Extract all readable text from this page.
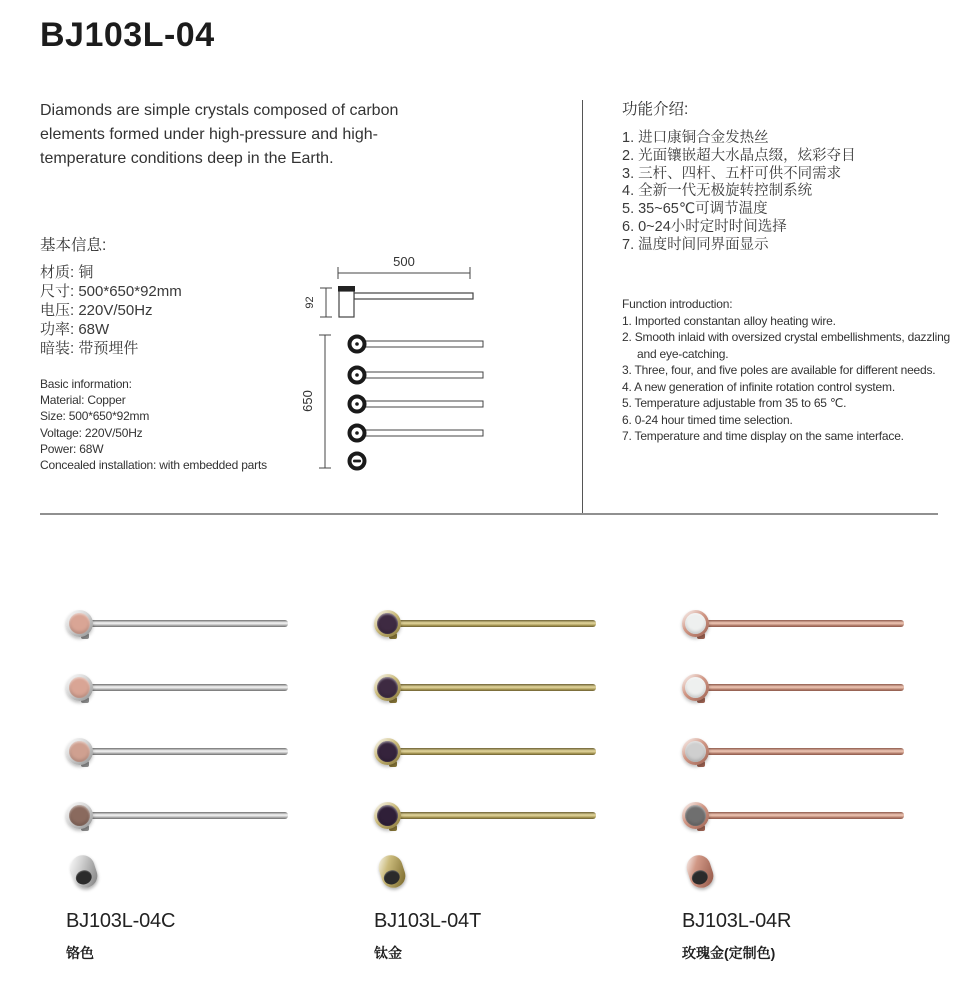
BJ103L-04
Diamonds are simple crystals composed of carbon elements formed under high-pressure and high-temperature conditions deep in the Earth.
基本信息:
材质: 铜
尺寸: 500*650*92mm
电压: 220V/50Hz
功率: 68W
暗装: 带预埋件
Basic information:
Material: Copper
Size: 500*650*92mm
Voltage: 220V/50Hz
Power: 68W
Concealed installation: with embedded parts
500
92
650
功能介绍:
1. 进口康铜合金发热丝
2. 光面镶嵌超大水晶点缀，炫彩夺目
3. 三杆、四杆、五杆可供不同需求
4. 全新一代无极旋转控制系统
5. 35~65℃可调节温度
6. 0~24小时定时时间选择
7. 温度时间同界面显示
Function introduction:
1. Imported constantan alloy heating wire.
2. Smooth inlaid with oversized crystal embellishments, dazzling and eye-catching.
3. Three, four, and five poles are available for different needs.
4. A new generation of infinite rotation control system.
5. Temperature adjustable from 35 to 65 ℃.
6. 0-24 hour timed time selection.
7. Temperature and time display on the same interface.
BJ103L-04C
铬色
BJ103L-04T
钛金
BJ103L-04R
玫瑰金(定制色)
